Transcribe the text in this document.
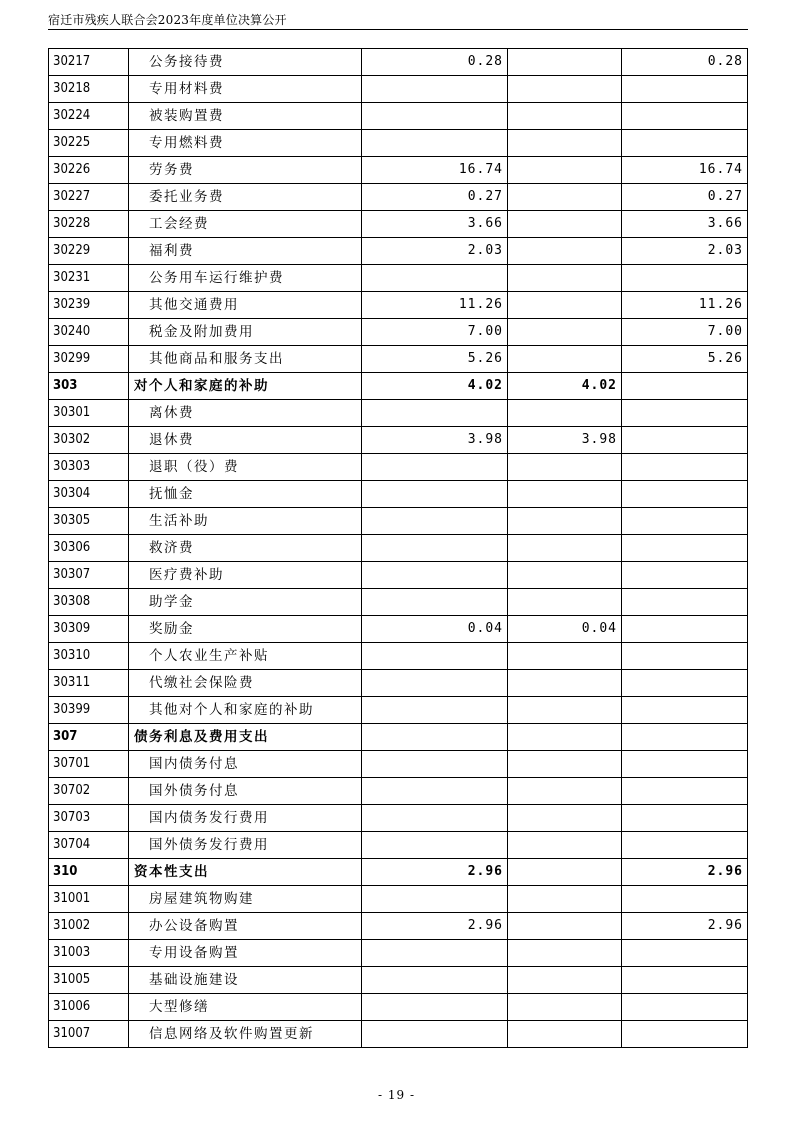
宿迁市残疾人联合会2023年度单位决算公开
30217	公务接待费	0.28		0.28
30218	专用材料费			
30224	被装购置费			
30225	专用燃料费			
30226	劳务费	16.74		16.74
30227	委托业务费	0.27		0.27
30228	工会经费	3.66		3.66
30229	福利费	2.03		2.03
30231	公务用车运行维护费			
30239	其他交通费用	11.26		11.26
30240	税金及附加费用	7.00		7.00
30299	其他商品和服务支出	5.26		5.26
303	对个人和家庭的补助	4.02	4.02	
30301	离休费			
30302	退休费	3.98	3.98	
30303	退职（役）费			
30304	抚恤金			
30305	生活补助			
30306	救济费			
30307	医疗费补助			
30308	助学金			
30309	奖励金	0.04	0.04	
30310	个人农业生产补贴			
30311	代缴社会保险费			
30399	其他对个人和家庭的补助			
307	债务利息及费用支出			
30701	国内债务付息			
30702	国外债务付息			
30703	国内债务发行费用			
30704	国外债务发行费用			
310	资本性支出	2.96		2.96
31001	房屋建筑物购建			
31002	办公设备购置	2.96		2.96
31003	专用设备购置			
31005	基础设施建设			
31006	大型修缮			
31007	信息网络及软件购置更新			
- 19 -
